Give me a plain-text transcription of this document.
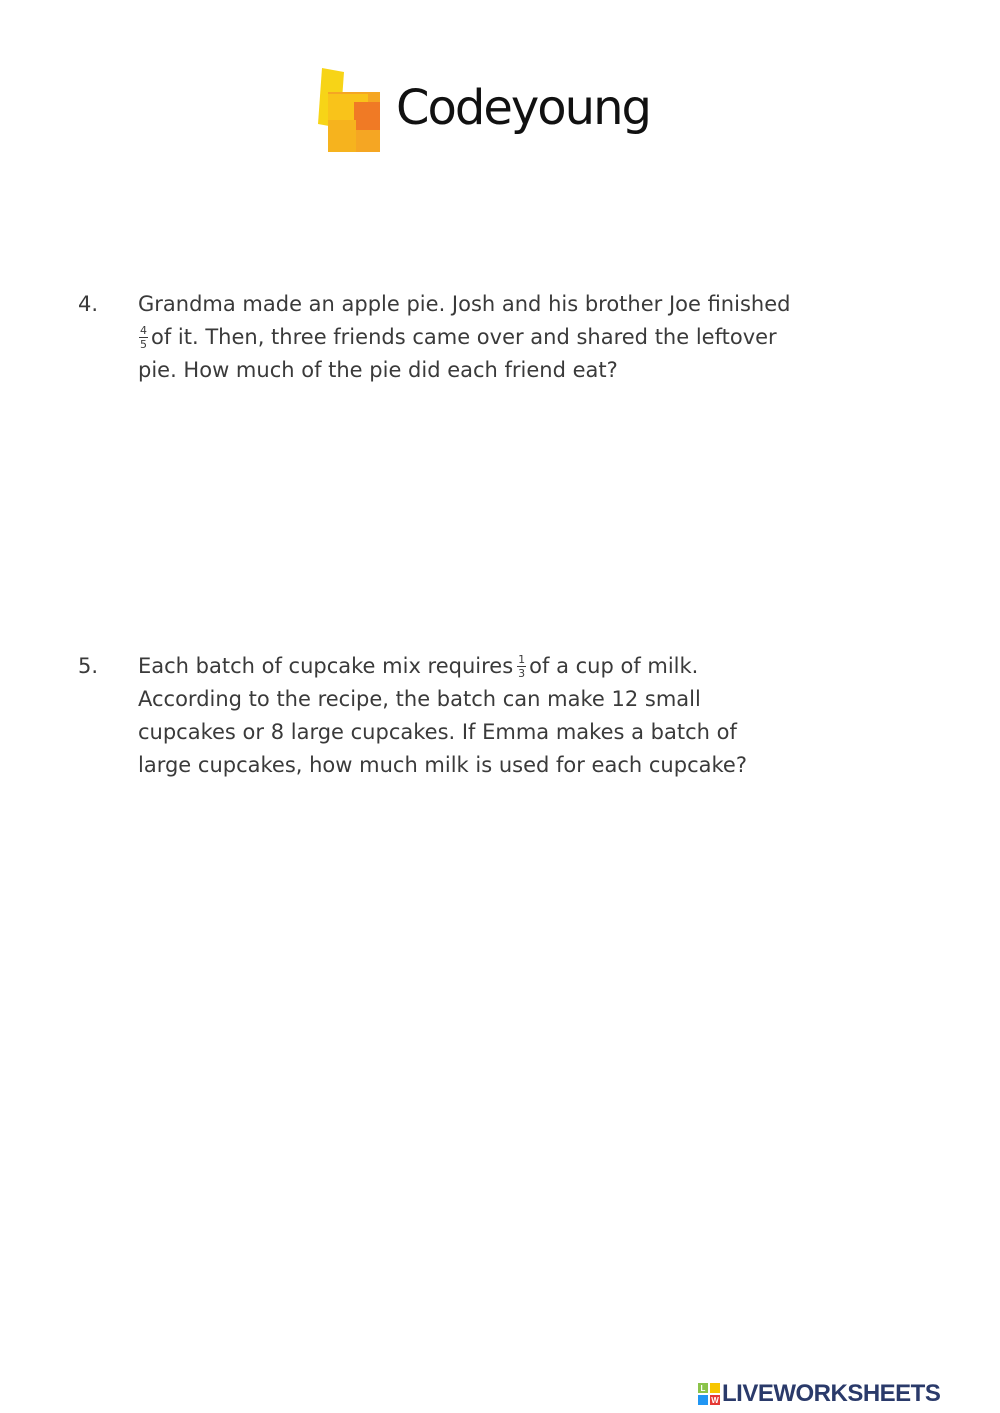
Codeyoung
4. Grandma made an apple pie. Josh and his brother Joe finished
$\frac{4}{5}$ of it. Then, three friends came over and shared the leftover
pie. How much of the pie did each friend eat?
5. Each batch of cupcake mix requires $\frac{1}{3}$ of a cup of milk.
According to the recipe, the batch can make 12 small
cupcakes or 8 large cupcakes. If Emma makes a batch of
large cupcakes, how much milk is used for each cupcake?
L
W LIVEWORKSHEETS
